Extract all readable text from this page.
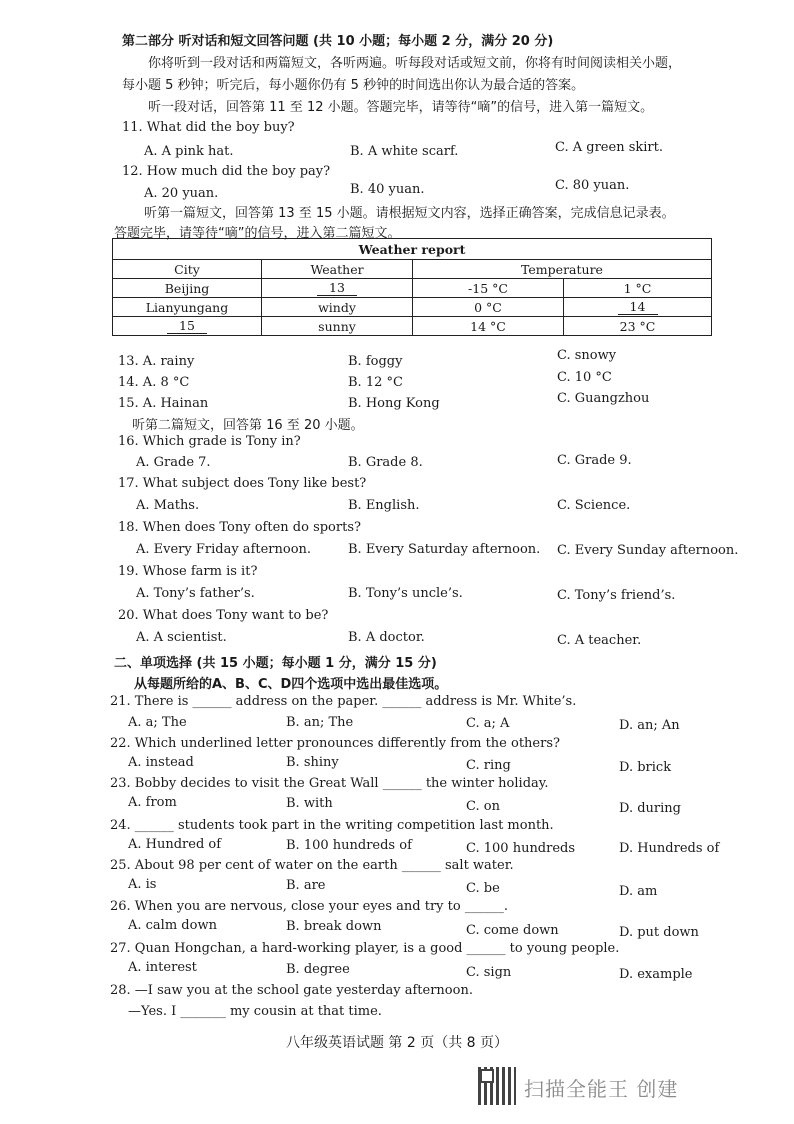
第二部分 听对话和短文回答问题 (共 10 小题；每小题 2 分，满分 20 分)
你将听到一段对话和两篇短文，各听两遍。听每段对话或短文前，你将有时间阅读相关小题，
每小题 5 秒钟；听完后，每小题你仍有 5 秒钟的时间选出你认为最合适的答案。
听一段对话，回答第 11 至 12 小题。答题完毕，请等待“嘀”的信号，进入第一篇短文。
11. What did the boy buy?
A. A pink hat.	B. A white scarf.	C. A green skirt.
12. How much did the boy pay?
A. 20 yuan.	B. 40 yuan.	C. 80 yuan.
听第一篇短文，回答第 13 至 15 小题。请根据短文内容，选择正确答案，完成信息记录表。
答题完毕，请等待“嘀”的信号，进入第二篇短文。
Weather report			
City	Weather	Temperature	
Beijing	13	-15 °C	1 °C
Lianyungang	windy	0 °C	14
15	sunny	14 °C	23 °C
13. A. rainy	B. foggy	C. snowy
14. A. 8 °C	B. 12 °C	C. 10 °C
15. A. Hainan	B. Hong Kong	C. Guangzhou
听第二篇短文，回答第 16 至 20 小题。
16. Which grade is Tony in?
A. Grade 7.	B. Grade 8.	C. Grade 9.
17. What subject does Tony like best?
A. Maths.	B. English.	C. Science.
18. When does Tony often do sports?
A. Every Friday afternoon.	B. Every Saturday afternoon. C. Every Sunday afternoon.
19. Whose farm is it?
A. Tony’s father’s.	B. Tony’s uncle’s.	C. Tony’s friend’s.
20. What does Tony want to be?
A. A scientist.	B. A doctor.	C. A teacher.
二、单项选择 (共 15 小题；每小题 1 分，满分 15 分)
从每题所给的A、B、C、D四个选项中选出最佳选项。
21. There is ______ address on the paper. ______ address is Mr. White’s.
A. a; The	B. an; The	C. a; A	D. an; An
22. Which underlined letter pronounces differently from the others?
A. instead	B. shiny	C. ring	D. brick
23. Bobby decides to visit the Great Wall ______ the winter holiday.
A. from	B. with	C. on	D. during
24. ______ students took part in the writing competition last month.
A. Hundred of	B. 100 hundreds of	C. 100 hundreds	D. Hundreds of
25. About 98 per cent of water on the earth ______ salt water.
A. is	B. are	C. be	D. am
26. When you are nervous, close your eyes and try to ______.
A. calm down	B. break down	C. come down	D. put down
27. Quan Hongchan, a hard-working player, is a good ______ to young people.
A. interest	B. degree	C. sign	D. example
28. —I saw you at the school gate yesterday afternoon.
—Yes. I _______ my cousin at that time.
八年级英语试题 第 2 页（共 8 页）
扫描全能王 创建
